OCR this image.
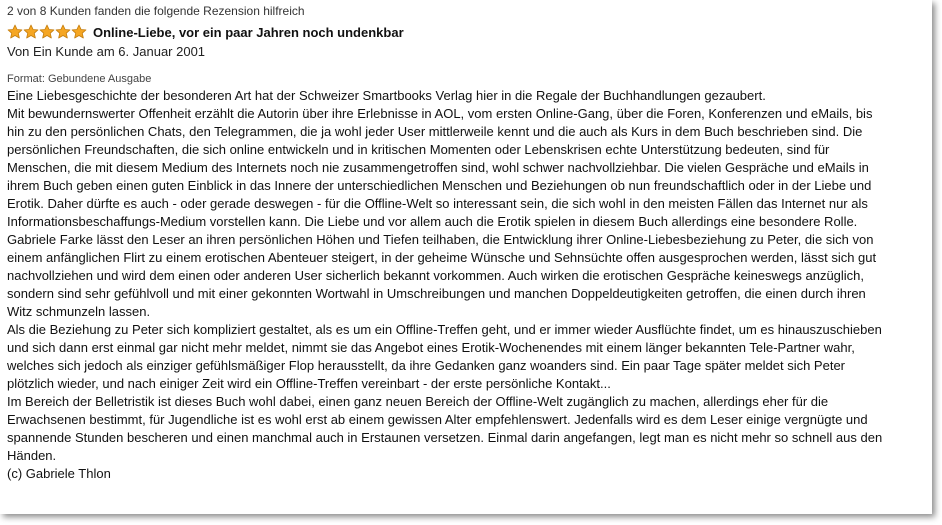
2 von 8 Kunden fanden die folgende Rezension hilfreich
Online-Liebe, vor ein paar Jahren noch undenkbar
Von Ein Kunde am 6. Januar 2001
Format: Gebundene Ausgabe

Eine Liebesgeschichte der besonderen Art hat der Schweizer Smartbooks Verlag hier in die Regale der Buchhandlungen gezaubert.

Mit bewundernswerter Offenheit erzählt die Autorin über ihre Erlebnisse in AOL, vom ersten Online-Gang, über die Foren, Konferenzen und eMails, bis hin zu den persönlichen Chats, den Telegrammen, die ja wohl jeder User mittlerweile kennt und die auch als Kurs in dem Buch beschrieben sind. Die persönlichen Freundschaften, die sich online entwickeln und in kritischen Momenten oder Lebenskrisen echte Unterstützung bedeuten, sind für Menschen, die mit diesem Medium des Internets noch nie zusammengetroffen sind, wohl schwer nachvollziehbar. Die vielen Gespräche und eMails in ihrem Buch geben einen guten Einblick in das Innere der unterschiedlichen Menschen und Beziehungen ob nun freundschaftlich oder in der Liebe und Erotik. Daher dürfte es auch - oder gerade deswegen - für die Offline-Welt so interessant sein, die sich wohl in den meisten Fällen das Internet nur als Informationsbeschaffungs-Medium vorstellen kann. Die Liebe und vor allem auch die Erotik spielen in diesem Buch allerdings eine besondere Rolle. Gabriele Farke lässt den Leser an ihren persönlichen Höhen und Tiefen teilhaben, die Entwicklung ihrer Online-Liebesbeziehung zu Peter, die sich von einem anfänglichen Flirt zu einem erotischen Abenteuer steigert, in der geheime Wünsche und Sehnsüchte offen ausgesprochen werden, lässt sich gut nachvollziehen und wird dem einen oder anderen User sicherlich bekannt vorkommen. Auch wirken die erotischen Gespräche keineswegs anzüglich, sondern sind sehr gefühlvoll und mit einer gekonnten Wortwahl in Umschreibungen und manchen Doppeldeutigkeiten getroffen, die einen durch ihren Witz schmunzeln lassen.

Als die Beziehung zu Peter sich kompliziert gestaltet, als es um ein Offline-Treffen geht, und er immer wieder Ausflüchte findet, um es hinauszuschieben und sich dann erst einmal gar nicht mehr meldet, nimmt sie das Angebot eines Erotik-Wochenendes mit einem länger bekannten Tele-Partner wahr, welches sich jedoch als einziger gefühlsmäßiger Flop herausstellt, da ihre Gedanken ganz woanders sind. Ein paar Tage später meldet sich Peter plötzlich wieder, und nach einiger Zeit wird ein Offline-Treffen vereinbart - der erste persönliche Kontakt...

Im Bereich der Belletristik ist dieses Buch wohl dabei, einen ganz neuen Bereich der Offline-Welt zugänglich zu machen, allerdings eher für die Erwachsenen bestimmt, für Jugendliche ist es wohl erst ab einem gewissen Alter empfehlenswert. Jedenfalls wird es dem Leser einige vergnügte und spannende Stunden bescheren und einen manchmal auch in Erstaunen versetzen. Einmal darin angefangen, legt man es nicht mehr so schnell aus den Händen.

(c) Gabriele Thlon
